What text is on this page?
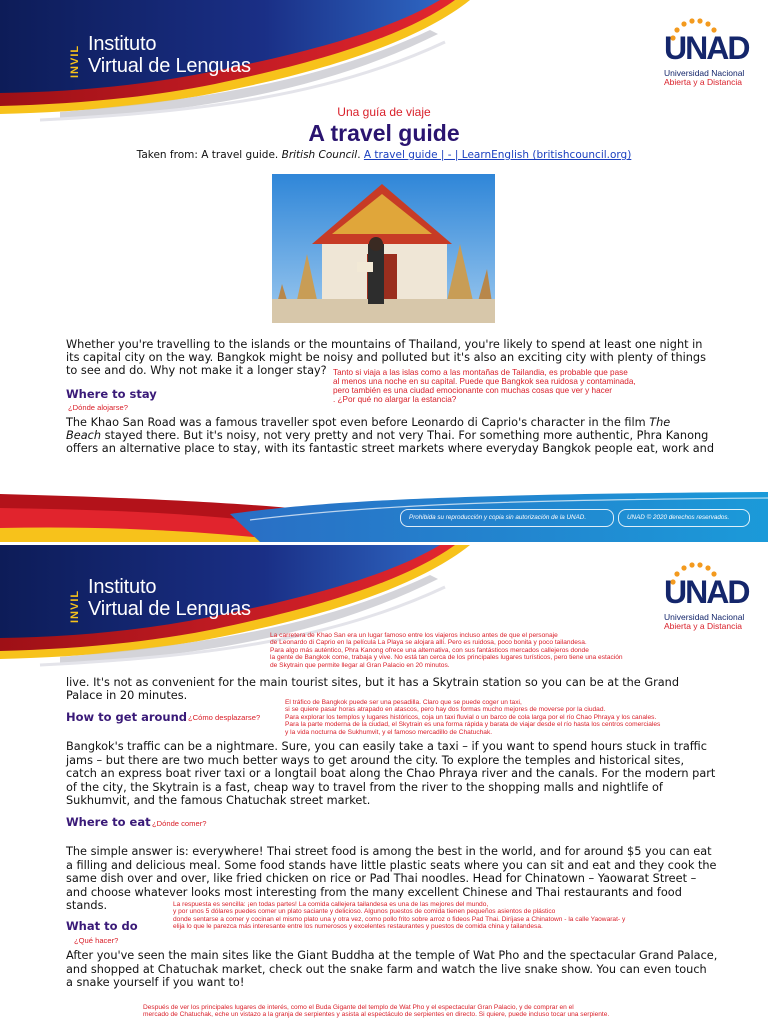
INVIL
Instituto
Virtual de Lenguas	UNAD
Universidad Nacional
Abierta y a Distancia
Una guía de viaje
A travel guide
Taken from: A travel guide. British Council. A travel guide | - | LearnEnglish (britishcouncil.org)
Whether you're travelling to the islands or the mountains of Thailand, you're likely to spend at least one night in
its capital city on the way. Bangkok might be noisy and polluted but it's also an exciting city with plenty of things
to see and do. Why not make it a longer stay? Tanto si viaja a las islas como a las montañas de Tailandia, es probable que pase
al menos una noche en su capital. Puede que Bangkok sea ruidosa y contaminada,
pero también es una ciudad emocionante con muchas cosas que ver y hacer
. ¿Por qué no alargar la estancia?
Where to stay
¿Dónde alojarse?
The Khao San Road was a famous traveller spot even before Leonardo di Caprio's character in the film The
Beach stayed there. But it's noisy, not very pretty and not very Thai. For something more authentic, Phra Kanong
offers an alternative place to stay, with its fantastic street markets where everyday Bangkok people eat, work and
Prohibida su reproducción y copia sin autorización de la UNAD.	UNAD © 2020 derechos reservados.
INVIL
Instituto
Virtual de Lenguas	UNAD
Universidad Nacional
Abierta y a Distancia
La carretera de Khao San era un lugar famoso entre los viajeros incluso antes de que el personaje
de Leonardo di Caprio en la película La Playa se alojara allí. Pero es ruidosa, poco bonita y poco tailandesa.
Para algo más auténtico, Phra Kanong ofrece una alternativa, con sus fantásticos mercados callejeros donde
la gente de Bangkok come, trabaja y vive. No está tan cerca de los principales lugares turísticos, pero tiene una estación
de Skytrain que permite llegar al Gran Palacio en 20 minutos.
live. It's not as convenient for the main tourist sites, but it has a Skytrain station so you can be at the Grand
Palace in 20 minutes.
How to get around ¿Cómo desplazarse?
El tráfico de Bangkok puede ser una pesadilla. Claro que se puede coger un taxi,
si se quiere pasar horas atrapado en atascos, pero hay dos formas mucho mejores de moverse por la ciudad.
Para explorar los templos y lugares históricos, coja un taxi fluvial o un barco de cola larga por el río Chao Phraya y los canales.
Para la parte moderna de la ciudad, el Skytrain es una forma rápida y barata de viajar desde el río hasta los centros comerciales
y la vida nocturna de Sukhumvit, y el famoso mercadillo de Chatuchak.
Bangkok's traffic can be a nightmare. Sure, you can easily take a taxi – if you want to spend hours stuck in traffic
jams – but there are two much better ways to get around the city. To explore the temples and historical sites,
catch an express boat river taxi or a longtail boat along the Chao Phraya river and the canals. For the modern part
of the city, the Skytrain is a fast, cheap way to travel from the river to the shopping malls and nightlife of
Sukhumvit, and the famous Chatuchak street market.
Where to eat ¿Dónde comer?
The simple answer is: everywhere! Thai street food is among the best in the world, and for around $5 you can eat
a filling and delicious meal. Some food stands have little plastic seats where you can sit and eat and they cook the
same dish over and over, like fried chicken on rice or Pad Thai noodles. Head for Chinatown – Yaowarat Street –
and choose whatever looks most interesting from the many excellent Chinese and Thai restaurants and food
stands.	La respuesta es sencilla: ¡en todas partes! La comida callejera tailandesa es una de las mejores del mundo,
y por unos 5 dólares puedes comer un plato saciante y delicioso. Algunos puestos de comida tienen pequeños asientos de plástico
donde sentarse a comer y cocinan el mismo plato una y otra vez, como pollo frito sobre arroz o fideos Pad Thai. Diríjase a Chinatown - la calle Yaowarat- y
elija lo que le parezca más interesante entre los numerosos y excelentes restaurantes y puestos de comida china y tailandesa.
What to do
¿Qué hacer?
After you've seen the main sites like the Giant Buddha at the temple of Wat Pho and the spectacular Grand Palace,
and shopped at Chatuchak market, check out the snake farm and watch the live snake show. You can even touch
a snake yourself if you want to!
Después de ver los principales lugares de interés, como el Buda Gigante del templo de Wat Pho y el espectacular Gran Palacio, y de comprar en el
mercado de Chatuchak, eche un vistazo a la granja de serpientes y asista al espectáculo de serpientes en directo. Si quiere, puede incluso tocar una serpiente.
